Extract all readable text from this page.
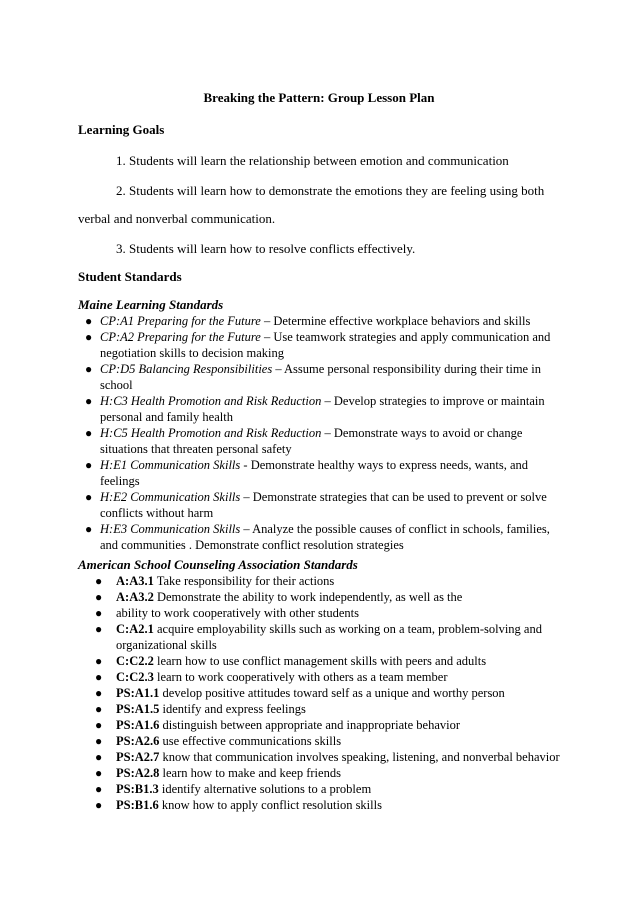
Breaking the Pattern: Group Lesson Plan
Learning Goals
1. Students will learn the relationship between emotion and communication
2. Students will learn how to demonstrate the emotions they are feeling using both
verbal and nonverbal communication.
3. Students will learn how to resolve conflicts effectively.
Student Standards
Maine Learning Standards
● CP:A1 Preparing for the Future – Determine effective workplace behaviors and skills
● CP:A2 Preparing for the Future – Use teamwork strategies and apply communication and negotiation skills to decision making
● CP:D5 Balancing Responsibilities – Assume personal responsibility during their time in school
● H:C3 Health Promotion and Risk Reduction – Develop strategies to improve or maintain personal and family health
● H:C5 Health Promotion and Risk Reduction – Demonstrate ways to avoid or change situations that threaten personal safety
● H:E1 Communication Skills - Demonstrate healthy ways to express needs, wants, and feelings
● H:E2 Communication Skills – Demonstrate strategies that can be used to prevent or solve conflicts without harm
● H:E3 Communication Skills – Analyze the possible causes of conflict in schools, families, and communities . Demonstrate conflict resolution strategies
American School Counseling Association Standards
● A:A3.1 Take responsibility for their actions
● A:A3.2 Demonstrate the ability to work independently, as well as the
● ability to work cooperatively with other students
● C:A2.1 acquire employability skills such as working on a team, problem-solving and organizational skills
● C:C2.2 learn how to use conflict management skills with peers and adults
● C:C2.3 learn to work cooperatively with others as a team member
● PS:A1.1 develop positive attitudes toward self as a unique and worthy person
● PS:A1.5 identify and express feelings
● PS:A1.6 distinguish between appropriate and inappropriate behavior
● PS:A2.6 use effective communications skills
● PS:A2.7 know that communication involves speaking, listening, and nonverbal behavior
● PS:A2.8 learn how to make and keep friends
● PS:B1.3 identify alternative solutions to a problem
● PS:B1.6 know how to apply conflict resolution skills
